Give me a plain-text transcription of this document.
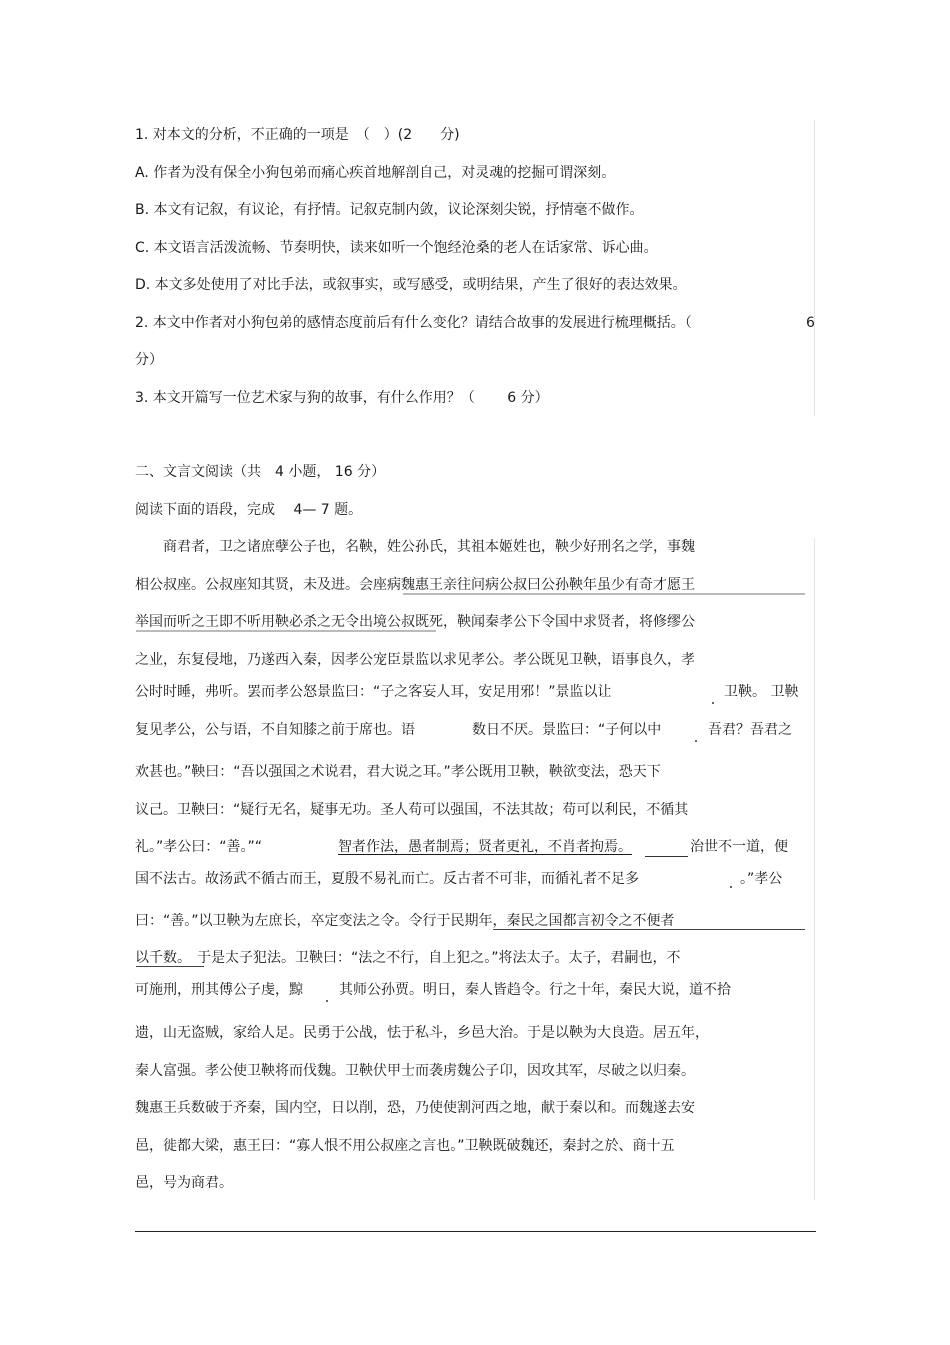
1. 对本文的分析，不正确的一项是　（　）(2　　分)
A. 作者为没有保全小狗包弟而痛心疾首地解剖自己，对灵魂的挖掘可谓深刻。
B. 本文有记叙，有议论，有抒情。记叙克制内敛，议论深刻尖锐，抒情毫不做作。
C. 本文语言活泼流畅、节奏明快，读来如听一个饱经沧桑的老人在话家常、诉心曲。
D. 本文多处使用了对比手法，或叙事实，或写感受，或明结果，产生了很好的表达效果。
2. 本文中作者对小狗包弟的感情态度前后有什么变化？请结合故事的发展进行梳理概括。（	6
分）
3. 本文开篇写一位艺术家与狗的故事，有什么作用？（　　 6 分）
二、文言文阅读（共　4 小题， 16 分）
阅读下面的语段，完成　 4— 7 题。
　　商君者，卫之诸庶孽公子也，名鞅，姓公孙氏，其祖本姬姓也，鞅少好刑名之学，事魏
相公叔座。公叔座知其贤，未及进。会座病魏惠王亲往问病公叔曰公孙鞅年虽少有奇才愿王
举国而听之王即不听用鞅必杀之无令出境公叔既死，鞅闻秦孝公下令国中求贤者，将修缪公
之业，东复侵地，乃遂西入秦，因孝公宠臣景监以求见孝公。孝公既见卫鞅，语事良久，孝
公时时睡，弗听。罢而孝公怒景监曰：“子之客妄人耳，安足用邪！”景监以让	卫鞅。 卫鞅
复见孝公，公与语，不自知膝之前于席也。语	数日不厌。景监曰：“子何以中	吾君？吾君之
欢甚也。”鞅曰：“吾以强国之术说君，君大说之耳。”孝公既用卫鞅，鞅欲变法，恐天下
议己。卫鞅曰：“疑行无名，疑事无功。圣人苟可以强国，不法其故；苟可以利民，不循其
礼。”孝公曰：“善。”“	智者作法，愚者制焉；贤者更礼，不肖者拘焉。	治世不一道，便
国不法古。故汤武不循古而王，夏殷不易礼而亡。反古者不可非，而循礼者不足多	。”孝公
曰：“善。”以卫鞅为左庶长，卒定变法之令。令行于民期年，秦民之国都言初令之不便者
以千数。 于是太子犯法。卫鞅曰：“法之不行，自上犯之。”将法太子。太子，君嗣也，不
可施刑，刑其傅公子虔，黥	其师公孙贾。明日，秦人皆趋令。行之十年，秦民大说，道不拾
遗，山无盗贼，家给人足。民勇于公战，怯于私斗，乡邑大治。于是以鞅为大良造。居五年，
秦人富强。孝公使卫鞅将而伐魏。卫鞅伏甲士而袭虏魏公子卬，因攻其军，尽破之以归秦。
魏惠王兵数破于齐秦，国内空，日以削，恐，乃使使割河西之地，献于秦以和。而魏遂去安
邑，徙都大梁，惠王曰：“寡人恨不用公叔座之言也。”卫鞅既破魏还，秦封之於、商十五
邑，号为商君。
